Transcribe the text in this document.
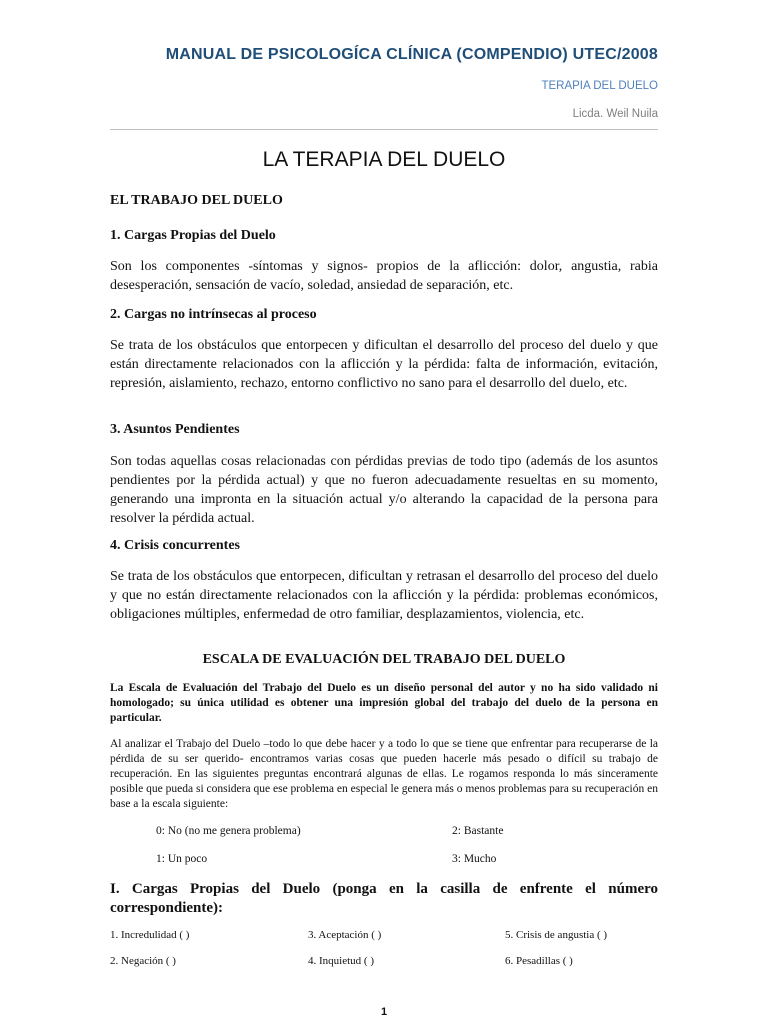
MANUAL DE PSICOLOGÍCA CLÍNICA (COMPENDIO) UTEC/2008
TERAPIA DEL DUELO
Licda. Weil Nuila
LA TERAPIA DEL DUELO
EL TRABAJO DEL DUELO
1. Cargas Propias del Duelo

Son los componentes -síntomas y signos- propios de la aflicción: dolor, angustia, rabia desesperación, sensación de vacío, soledad, ansiedad de separación, etc.

2. Cargas no intrínsecas al proceso

Se trata de los obstáculos que entorpecen y dificultan el desarrollo del proceso del duelo y que están directamente relacionados con la aflicción y la pérdida: falta de información, evitación, represión, aislamiento, rechazo, entorno conflictivo no sano para el desarrollo del duelo, etc.

3. Asuntos Pendientes

Son todas aquellas cosas relacionadas con pérdidas previas de todo tipo (además de los asuntos pendientes por la pérdida actual) y que no fueron adecuadamente resueltas en su momento, generando una impronta en la situación actual y/o alterando la capacidad de la persona para resolver la pérdida actual.

4. Crisis concurrentes

Se trata de los obstáculos que entorpecen, dificultan y retrasan el desarrollo del proceso del duelo y que no están directamente relacionados con la aflicción y la pérdida: problemas económicos, obligaciones múltiples, enfermedad de otro familiar, desplazamientos, violencia, etc.

ESCALA DE EVALUACIÓN DEL TRABAJO DEL DUELO

La Escala de Evaluación del Trabajo del Duelo es un diseño personal del autor y no ha sido validado ni homologado; su única utilidad es obtener una impresión global del trabajo del duelo de la persona en particular.

Al analizar el Trabajo del Duelo –todo lo que debe hacer y a todo lo que se tiene que enfrentar para recuperarse de la pérdida de su ser querido- encontramos varias cosas que pueden hacerle más pesado o difícil su trabajo de recuperación. En las siguientes preguntas encontrará algunas de ellas. Le rogamos responda lo más sinceramente posible que pueda si considera que ese problema en especial le genera más o menos problemas para su recuperación en base a la escala siguiente:

0: No (no me genera problema)	2: Bastante
1: Un poco	3: Mucho

I. Cargas Propias del Duelo (ponga en la casilla de enfrente el número correspondiente):

1. Incredulidad ( )	3. Aceptación ( )	5. Crisis de angustia ( )
2. Negación ( )	4. Inquietud ( )	6. Pesadillas ( )
1
